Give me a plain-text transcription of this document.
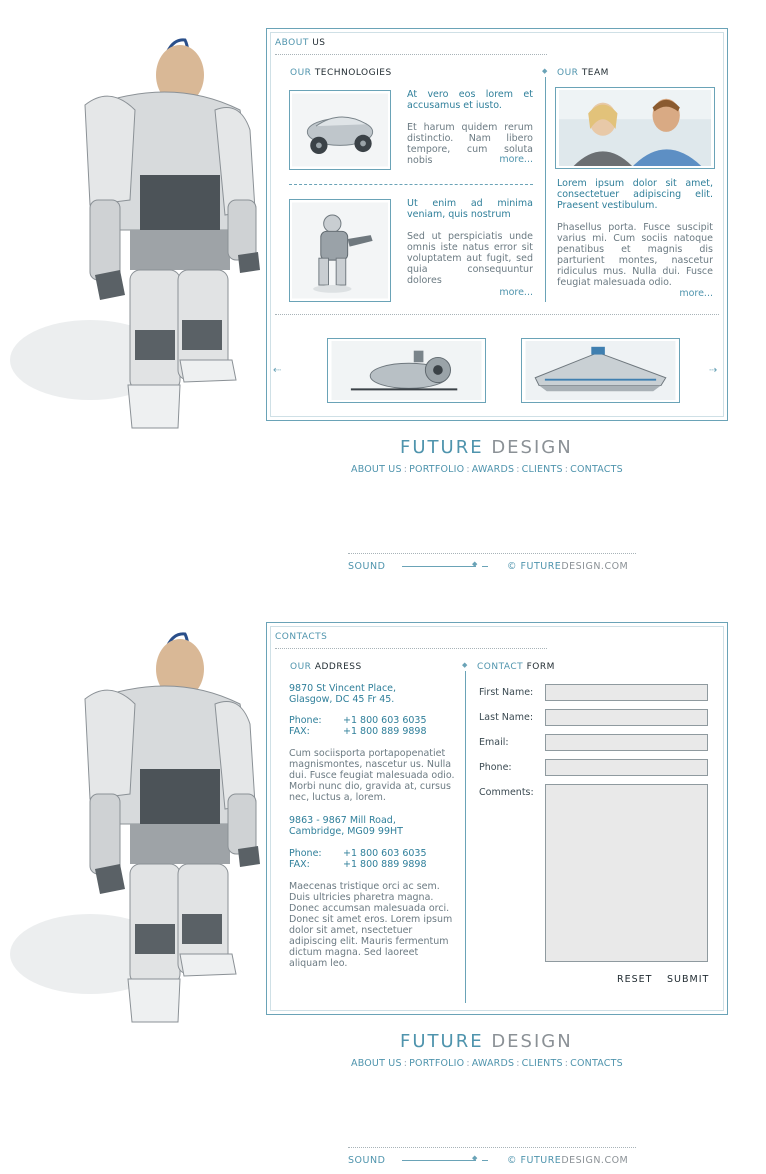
ABOUT US
OUR TECHNOLOGIES
At vero eos lorem et accusamus et iusto.
Et harum quidem rerum distinctio. Nam libero tempore, cum soluta nobis	more...
Ut enim ad minima veniam, quis nostrum
Sed ut perspiciatis unde omnis iste natus error sit voluptatem aut fugit, sed quia consequuntur dolores
more...
◆ OUR TEAM
Lorem ipsum dolor sit amet, consectetuer adipiscing elit. Praesent vestibulum.
Phasellus porta. Fusce suscipit varius mi. Cum sociis natoque penatibus et magnis dis parturient montes, nascetur ridiculus mus. Nulla dui. Fusce feugiat malesuada odio.
more...
⇠	⇢
FUTURE DESIGN
ABOUT US : PORTFOLIO : AWARDS : CLIENTS : CONTACTS
SOUND	◆	© FUTUREDESIGN.COM
CONTACTS
OUR ADDRESS
9870 St Vincent Place, Glasgow, DC 45 Fr 45.
Phone: +1 800 603 6035
FAX:	+1 800 889 9898
Cum sociisporta portapopenatiet magnismontes, nascetur us. Nulla dui. Fusce feugiat malesuada odio. Morbi nunc dio, gravida at, cursus nec, luctus a, lorem.
9863 - 9867 Mill Road, Cambridge, MG09 99HT
Phone: +1 800 603 6035
FAX:	+1 800 889 9898
Maecenas tristique orci ac sem. Duis ultricies pharetra magna. Donec accumsan malesuada orci. Donec sit amet eros. Lorem ipsum dolor sit amet, nsectetuer adipiscing elit. Mauris fermentum dictum magna. Sed laoreet aliquam leo.
◆ CONTACT FORM
First Name:
Last Name:
Email:
Phone:
Comments:
RESET SUBMIT
FUTURE DESIGN
ABOUT US : PORTFOLIO : AWARDS : CLIENTS : CONTACTS
SOUND	◆	© FUTUREDESIGN.COM
